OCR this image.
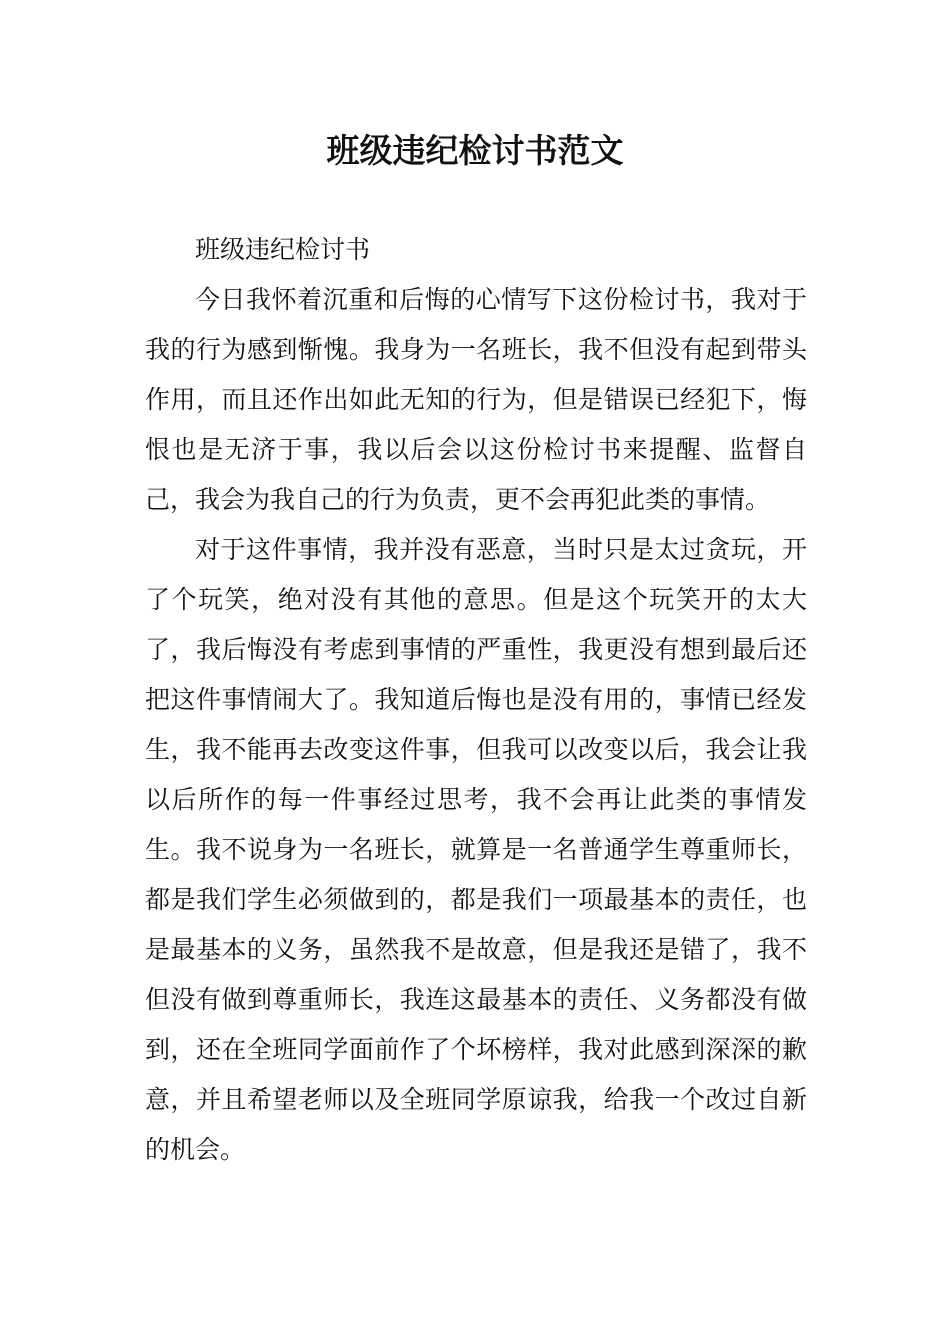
班级违纪检讨书范文

班级违纪检讨书

今日我怀着沉重和后悔的心情写下这份检讨书，我对于我的行为感到惭愧。我身为一名班长，我不但没有起到带头作用，而且还作出如此无知的行为，但是错误已经犯下，悔恨也是无济于事，我以后会以这份检讨书来提醒、监督自己，我会为我自己的行为负责，更不会再犯此类的事情。

对于这件事情，我并没有恶意，当时只是太过贪玩，开了个玩笑，绝对没有其他的意思。但是这个玩笑开的太大了，我后悔没有考虑到事情的严重性，我更没有想到最后还把这件事情闹大了。我知道后悔也是没有用的，事情已经发生，我不能再去改变这件事，但我可以改变以后，我会让我以后所作的每一件事经过思考，我不会再让此类的事情发生。我不说身为一名班长，就算是一名普通学生尊重师长，都是我们学生必须做到的，都是我们一项最基本的责任，也是最基本的义务，虽然我不是故意，但是我还是错了，我不但没有做到尊重师长，我连这最基本的责任、义务都没有做到，还在全班同学面前作了个坏榜样，我对此感到深深的歉意，并且希望老师以及全班同学原谅我，给我一个改过自新的机会。
